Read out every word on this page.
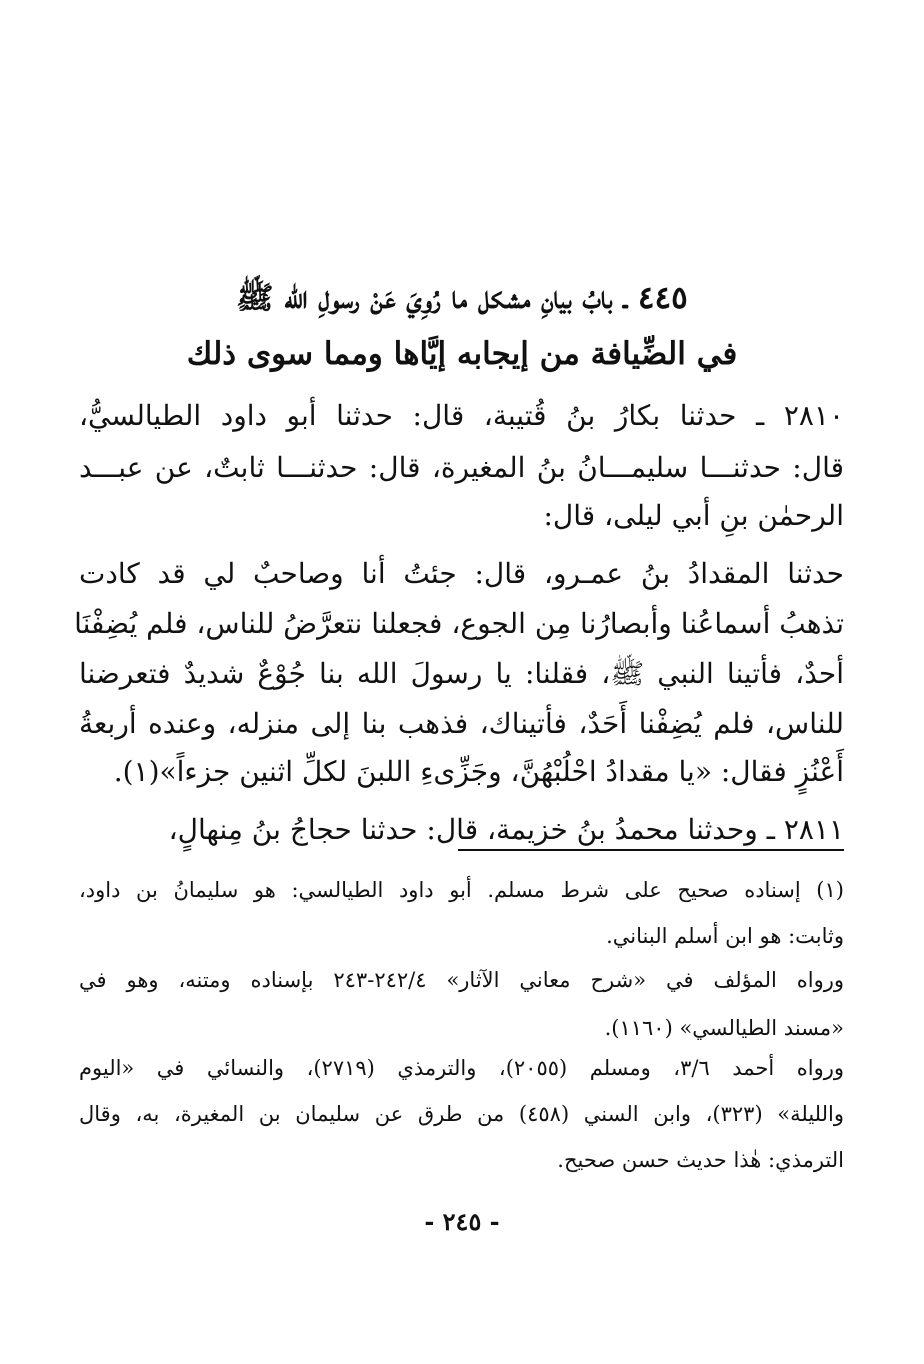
٤٤٥ ـ بابُ بيانِ مشكل ما رُوِيَ عَنْ رسولِ الله ﷺ
في الضِّيافة من إيجابه إيَّاها ومما سوى ذلك
٢٨١٠ ـ حدثنا بكارُ بنُ قُتيبة، قال: حدثنا أبو داود الطيالسيُّ،
قال: حدثنـــا سليمـــانُ بنُ المغيرة، قال: حدثنـــا ثابتٌ، عن عبـــد
الرحمٰن بنِ أبي ليلى، قال:
حدثنا المقدادُ بنُ عمـرو، قال: جئتُ أنا وصاحبٌ لي قد كادت
تذهبُ أسماعُنا وأبصارُنا مِن الجوع، فجعلنا نتعرَّضُ للناس، فلم يُضِفْنَا
أحدٌ، فأتينا النبي ﷺ، فقلنا: يا رسولَ الله بنا جُوْعٌ شديدٌ فتعرضنا
للناس، فلم يُضِفْنا أَحَدٌ، فأتيناك، فذهب بنا إلى منزله، وعنده أربعةُ
أَعْنُزٍ فقال: «يا مقدادُ احْلُبْهُنَّ، وجَزِّىءِ اللبنَ لكلِّ اثنين جزءاً»(١).
٢٨١١ ـ وحدثنا محمدُ بنُ خزيمة، قال: حدثنا حجاجُ بنُ مِنهالٍ،
(١) إسناده صحيح على شرط مسلم. أبو داود الطيالسي: هو سليمانُ بن داود،
وثابت: هو ابن أسلم البناني.
ورواه المؤلف في «شرح معاني الآثار» ٢٤٢/٤-٢٤٣ بإسناده ومتنه، وهو في
«مسند الطيالسي» (١١٦٠).
ورواه أحمد ٣/٦، ومسلم (٢٠٥٥)، والترمذي (٢٧١٩)، والنسائي في «اليوم
والليلة» (٣٢٣)، وابن السني (٤٥٨) من طرق عن سليمان بن المغيرة، به، وقال
الترمذي: هٰذا حديث حسن صحيح.
- ٢٤٥ -
